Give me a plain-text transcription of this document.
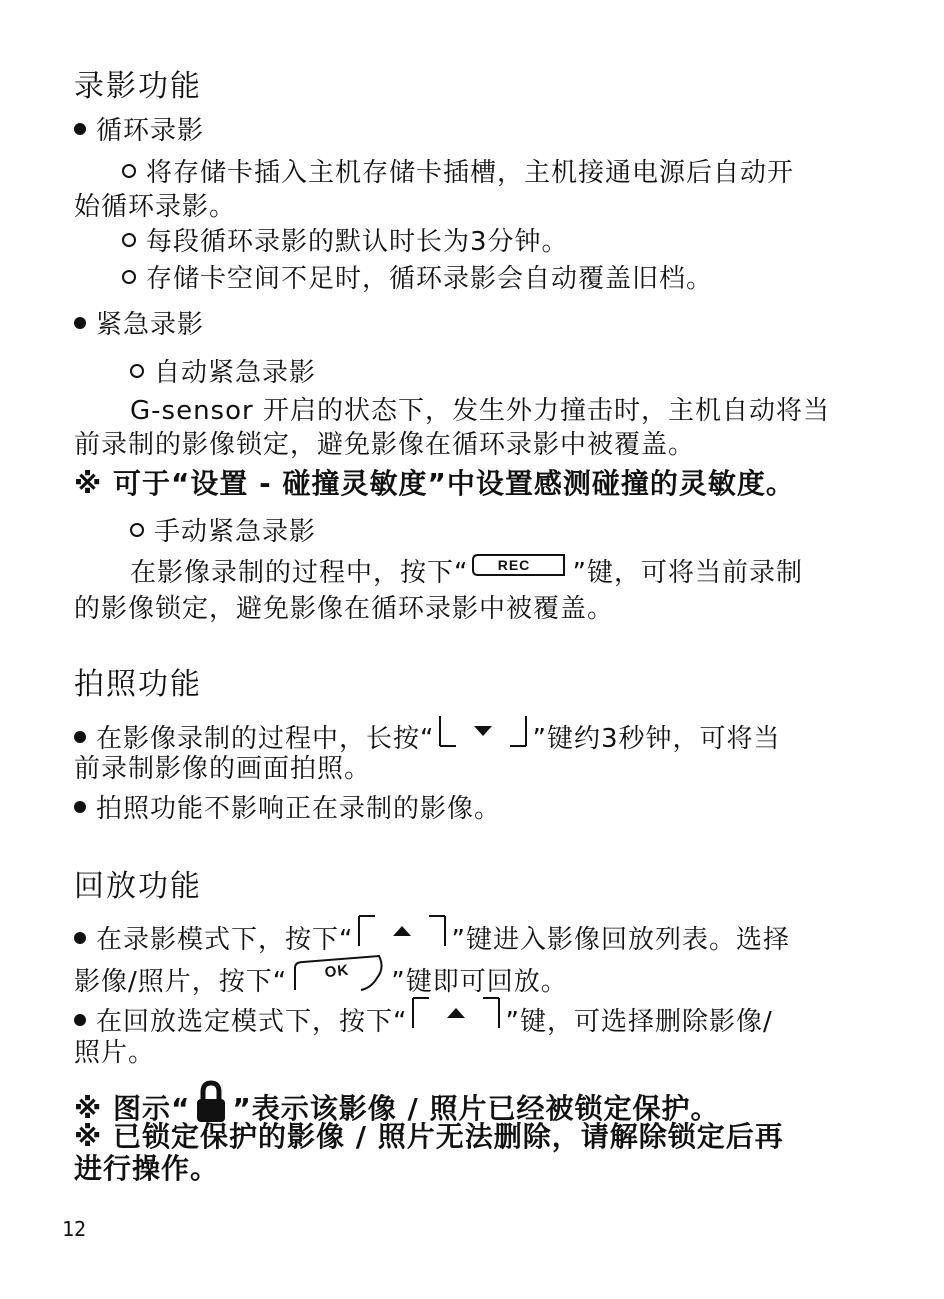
录影功能
循环录影
将存储卡插入主机存储卡插槽，主机接通电源后自动开
始循环录影。
每段循环录影的默认时长为3分钟。
存储卡空间不足时，循环录影会自动覆盖旧档。
紧急录影
自动紧急录影
G-sensor 开启的状态下，发生外力撞击时，主机自动将当
前录制的影像锁定，避免影像在循环录影中被覆盖。
※ 可于“设置 - 碰撞灵敏度”中设置感测碰撞的灵敏度。
手动紧急录影
在影像录制的过程中，按下“ REC ”键，可将当前录制
的影像锁定，避免影像在循环录影中被覆盖。
拍照功能
在影像录制的过程中，长按“	”键约3秒钟，可将当
前录制影像的画面拍照。
拍照功能不影响正在录制的影像。
回放功能
在录影模式下，按下“	”键进入影像回放列表。选择
影像/照片，按下“ OK ”键即可回放。
在回放选定模式下，按下“	”键，可选择删除影像/
照片。
※ 图示“ ”表示该影像 / 照片已经被锁定保护。
※ 已锁定保护的影像 / 照片无法删除，请解除锁定后再
进行操作。
12
